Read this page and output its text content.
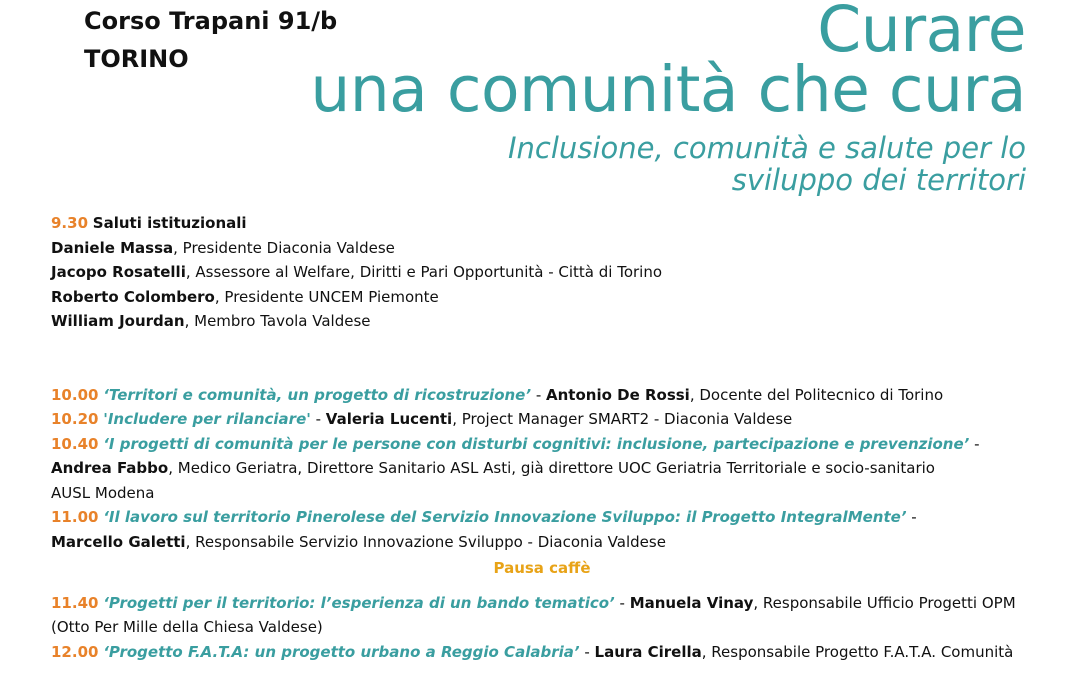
Corso Trapani 91/b
TORINO	Curare
una comunità che cura
Inclusione, comunità e salute per lo
sviluppo dei territori
9.30 Saluti istituzionali
Daniele Massa, Presidente Diaconia Valdese
Jacopo Rosatelli, Assessore al Welfare, Diritti e Pari Opportunità - Città di Torino
Roberto Colombero, Presidente UNCEM Piemonte
William Jourdan, Membro Tavola Valdese
10.00 ‘Territori e comunità, un progetto di ricostruzione’ - Antonio De Rossi, Docente del Politecnico di Torino
10.20 'Includere per rilanciare' - Valeria Lucenti, Project Manager SMART2 - Diaconia Valdese
10.40 ‘I progetti di comunità per le persone con disturbi cognitivi: inclusione, partecipazione e prevenzione’ -
Andrea Fabbo, Medico Geriatra, Direttore Sanitario ASL Asti, già direttore UOC Geriatria Territoriale e socio-sanitario
AUSL Modena
11.00 ‘Il lavoro sul territorio Pinerolese del Servizio Innovazione Sviluppo: il Progetto IntegralMente’ -
Marcello Galetti, Responsabile Servizio Innovazione Sviluppo - Diaconia Valdese
Pausa caffè
11.40 ‘Progetti per il territorio: l’esperienza di un bando tematico’ - Manuela Vinay, Responsabile Ufficio Progetti OPM
(Otto Per Mille della Chiesa Valdese)
12.00 ‘Progetto F.A.T.A: un progetto urbano a Reggio Calabria’ - Laura Cirella, Responsabile Progetto F.A.T.A. Comunità
